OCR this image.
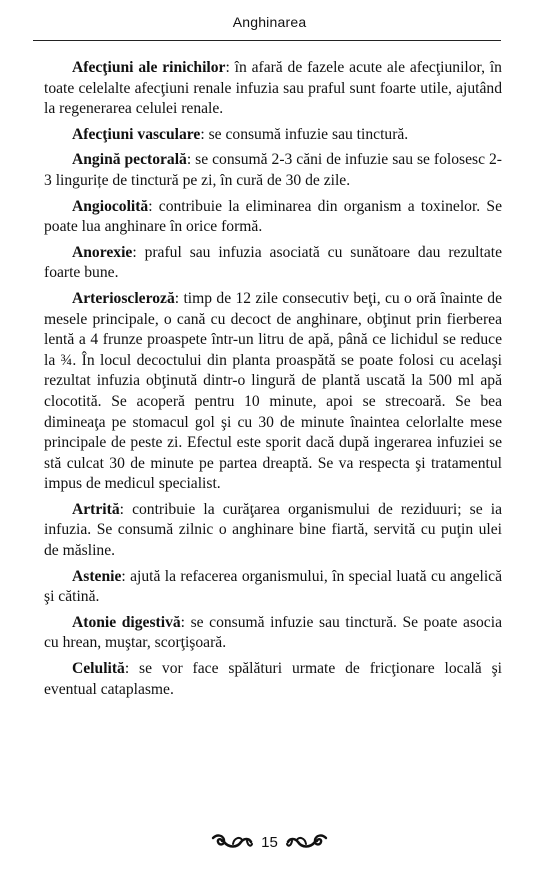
Anghinarea

Afecţiuni ale rinichilor: în afară de fazele acute ale afecţiunilor, în toate celelalte afecţiuni renale infuzia sau praful sunt foarte utile, ajutând la regenerarea celulei renale.

Afecţiuni vasculare: se consumă infuzie sau tinctură.

Angină pectorală: se consumă 2-3 căni de infuzie sau se folosesc 2-3 lingurițe de tinctură pe zi, în cură de 30 de zile.

Angiocolită: contribuie la eliminarea din organism a toxinelor. Se poate lua anghinare în orice formă.

Anorexie: praful sau infuzia asociată cu sunătoare dau rezultate foarte bune.

Arterioscleroză: timp de 12 zile consecutiv beţi, cu o oră înainte de mesele principale, o cană cu decoct de anghinare, obţinut prin fierberea lentă a 4 frunze proaspete într-un litru de apă, până ce lichidul se reduce la ¾. În locul decoctului din planta proaspătă se poate folosi cu acelaşi rezultat infuzia obţinută dintr-o lingură de plantă uscată la 500 ml apă clocotită. Se acoperă pentru 10 minute, apoi se strecoară. Se bea dimineaţa pe stomacul gol şi cu 30 de minute înaintea celorlalte mese principale de peste zi. Efectul este sporit dacă după ingerarea infuziei se stă culcat 30 de minute pe partea dreaptă. Se va respecta şi tratamentul impus de medicul specialist.

Artrită: contribuie la curăţarea organismului de reziduuri; se ia infuzia. Se consumă zilnic o anghinare bine fiartă, servită cu puţin ulei de măsline.

Astenie: ajută la refacerea organismului, în special luată cu angelică şi cătină.

Atonie digestivă: se consumă infuzie sau tinctură. Se poate asocia cu hrean, muştar, scorţişoară.

Celulită: se vor face spălături urmate de fricţionare locală şi eventual cataplasme.

15
